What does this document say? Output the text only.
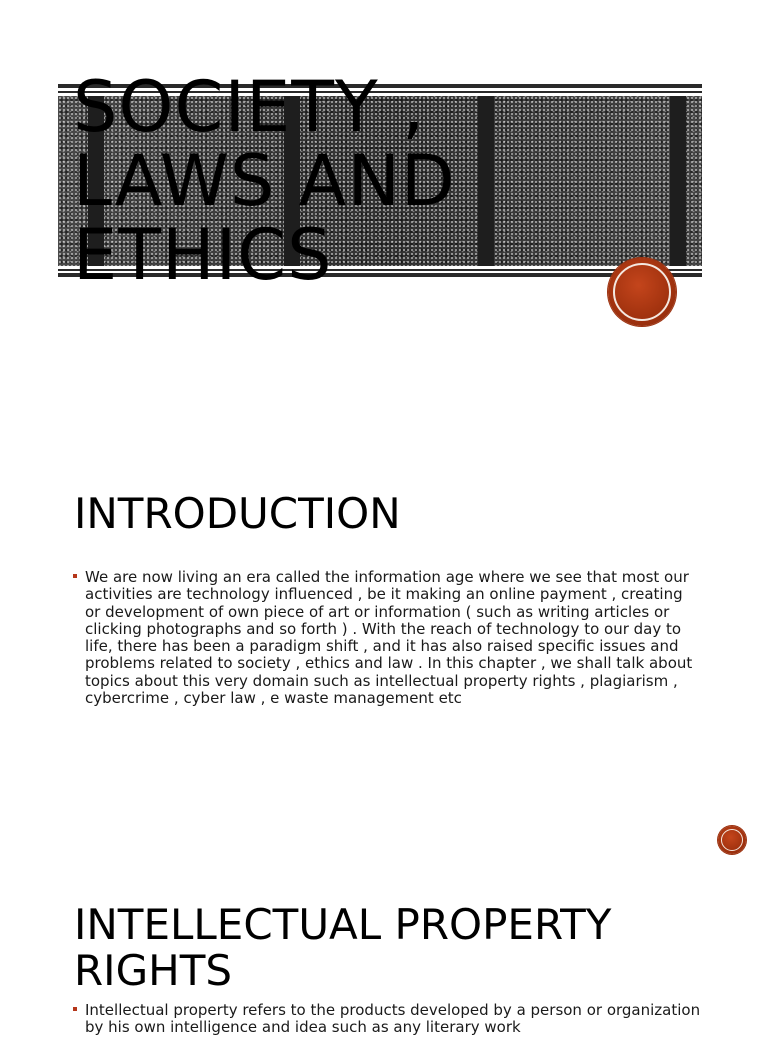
SOCIETY ,
LAWS AND
ETHICS
INTRODUCTION
We are now living an era called the information age where we see that most our activities are technology influenced , be it making an online payment , creating or development of own piece of art or information ( such as writing articles or clicking photographs and so forth ) . With the reach of technology to our day to life, there has been a paradigm shift , and it has also raised specific issues and problems related to society , ethics and law . In this chapter , we shall talk about topics about this very domain such as intellectual property rights , plagiarism , cybercrime , cyber law , e waste management etc
INTELLECTUAL PROPERTY
RIGHTS
Intellectual property refers to the products developed by a person or organization by his own intelligence and idea such as any literary work
